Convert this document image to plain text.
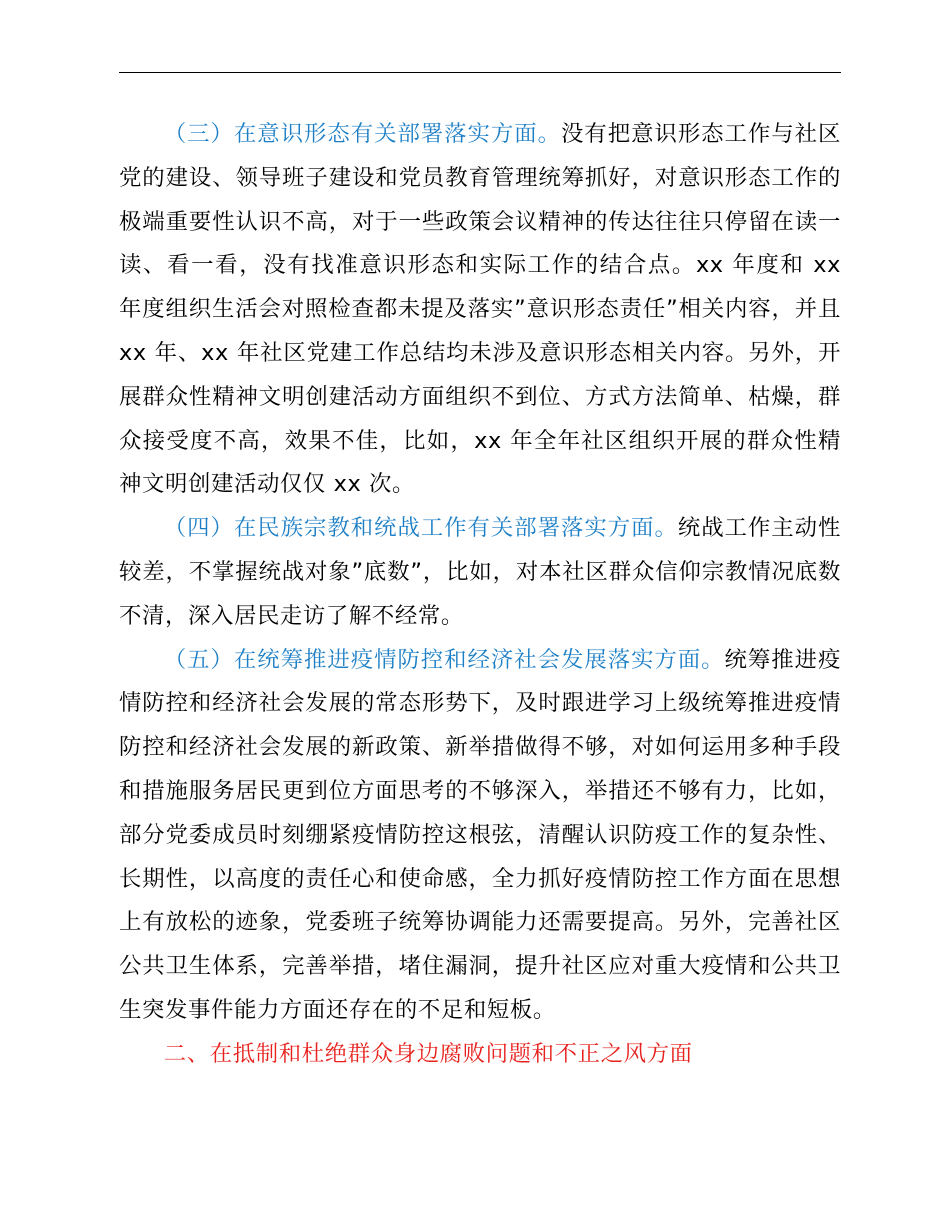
（三）在意识形态有关部署落实方面。没有把意识形态工作与社区党的建设、领导班子建设和党员教育管理统筹抓好，对意识形态工作的极端重要性认识不高，对于一些政策会议精神的传达往往只停留在读一读、看一看，没有找准意识形态和实际工作的结合点。xx 年度和 xx 年度组织生活会对照检查都未提及落实”意识形态责任”相关内容，并且 xx 年、xx 年社区党建工作总结均未涉及意识形态相关内容。另外，开展群众性精神文明创建活动方面组织不到位、方式方法简单、枯燥，群众接受度不高，效果不佳，比如，xx 年全年社区组织开展的群众性精神文明创建活动仅仅 xx 次。

（四）在民族宗教和统战工作有关部署落实方面。统战工作主动性较差，不掌握统战对象”底数”，比如，对本社区群众信仰宗教情况底数不清，深入居民走访了解不经常。

（五）在统筹推进疫情防控和经济社会发展落实方面。统筹推进疫情防控和经济社会发展的常态形势下，及时跟进学习上级统筹推进疫情防控和经济社会发展的新政策、新举措做得不够，对如何运用多种手段和措施服务居民更到位方面思考的不够深入，举措还不够有力，比如，部分党委成员时刻绷紧疫情防控这根弦，清醒认识防疫工作的复杂性、长期性，以高度的责任心和使命感，全力抓好疫情防控工作方面在思想上有放松的迹象，党委班子统筹协调能力还需要提高。另外，完善社区公共卫生体系，完善举措，堵住漏洞，提升社区应对重大疫情和公共卫生突发事件能力方面还存在的不足和短板。

二、在抵制和杜绝群众身边腐败问题和不正之风方面
